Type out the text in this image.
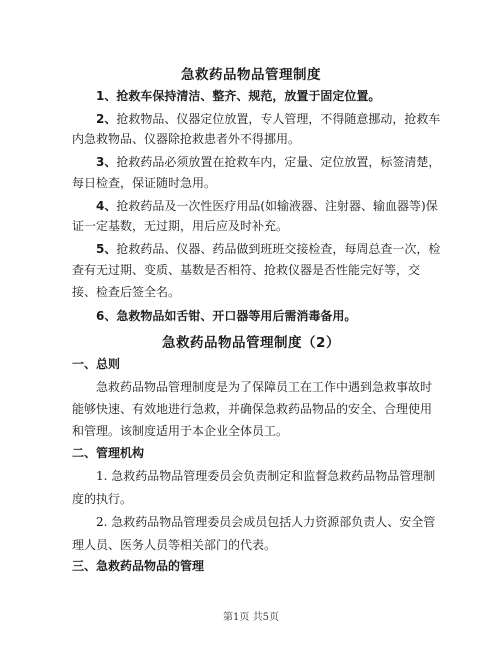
急救药品物品管理制度
1、抢救车保持清洁、整齐、规范，放置于固定位置。
2、抢救物品、仪器定位放置，专人管理，不得随意挪动，抢救车
内急救物品、仪器除抢救患者外不得挪用。
3、抢救药品必须放置在抢救车内，定量、定位放置，标签清楚，
每日检查，保证随时急用。
4、抢救药品及一次性医疗用品(如输液器、注射器、输血器等)保
证一定基数，无过期，用后应及时补充。
5、抢救药品、仪器、药品做到班班交接检查，每周总查一次，检
查有无过期、变质、基数是否相符、抢救仪器是否性能完好等，交
接、检查后签全名。
6、急救物品如舌钳、开口器等用后需消毒备用。
急救药品物品管理制度（2）
一、总则
急救药品物品管理制度是为了保障员工在工作中遇到急救事故时
能够快速、有效地进行急救，并确保急救药品物品的安全、合理使用
和管理。该制度适用于本企业全体员工。
二、管理机构
1. 急救药品物品管理委员会负责制定和监督急救药品物品管理制
度的执行。
2. 急救药品物品管理委员会成员包括人力资源部负责人、安全管
理人员、医务人员等相关部门的代表。
三、急救药品物品的管理
第1页 共5页
